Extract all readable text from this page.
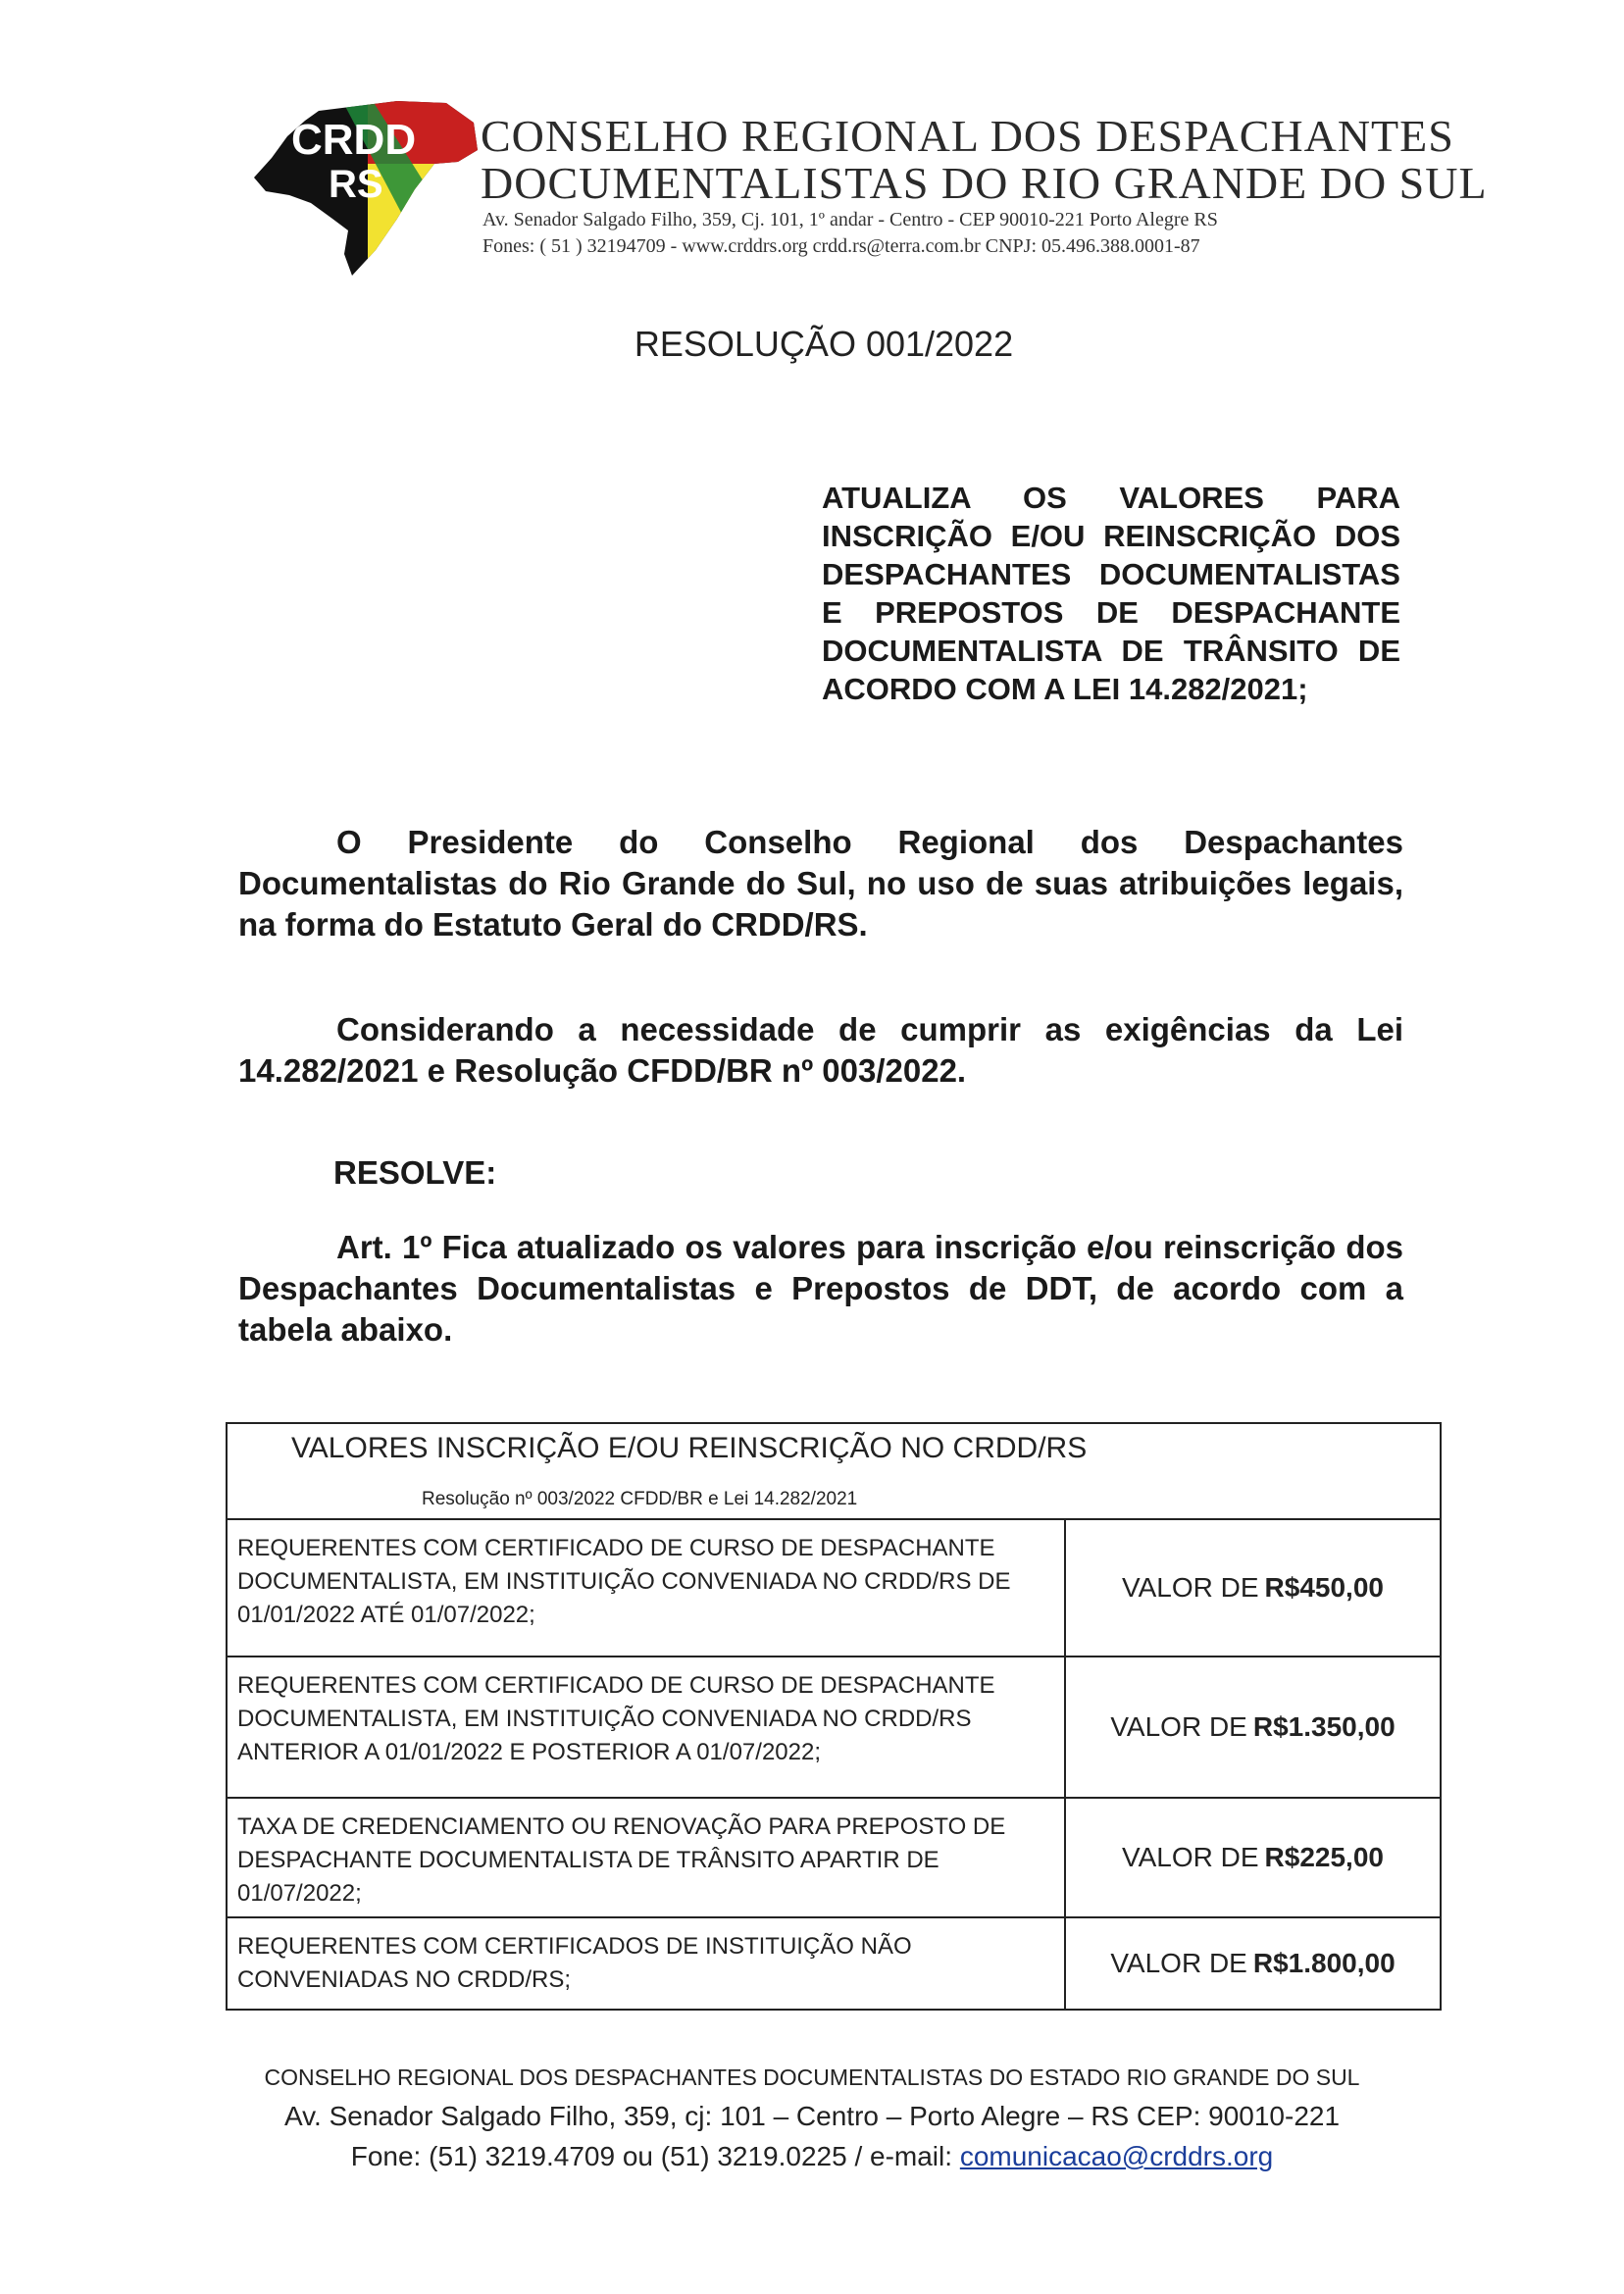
CRDD
RS
CONSELHO REGIONAL DOS DESPACHANTES
DOCUMENTALISTAS DO RIO GRANDE DO SUL
Av. Senador Salgado Filho, 359, Cj. 101, 1º andar - Centro - CEP 90010-221 Porto Alegre RS
Fones: ( 51 ) 32194709 - www.crddrs.org crdd.rs@terra.com.br CNPJ: 05.496.388.0001-87
RESOLUÇÃO 001/2022
ATUALIZA OS VALORES PARA INSCRIÇÃO E/OU REINSCRIÇÃO DOS DESPACHANTES DOCUMENTALISTAS E PREPOSTOS DE DESPACHANTE DOCUMENTALISTA DE TRÂNSITO DE ACORDO COM A LEI 14.282/2021;
O Presidente do Conselho Regional dos Despachantes Documentalistas do Rio Grande do Sul, no uso de suas atribuições legais, na forma do Estatuto Geral do CRDD/RS.
Considerando a necessidade de cumprir as exigências da Lei 14.282/2021 e Resolução CFDD/BR nº 003/2022.
RESOLVE:
Art. 1º Fica atualizado os valores para inscrição e/ou reinscrição dos Despachantes Documentalistas e Prepostos de DDT, de acordo com a tabela abaixo.
VALORES INSCRIÇÃO E/OU REINSCRIÇÃO NO CRDD/RS
Resolução nº 003/2022 CFDD/BR e Lei 14.282/2021
REQUERENTES COM CERTIFICADO DE CURSO DE DESPACHANTE DOCUMENTALISTA, EM INSTITUIÇÃO CONVENIADA NO CRDD/RS DE 01/01/2022 ATÉ 01/07/2022;
VALOR DE R$450,00
REQUERENTES COM CERTIFICADO DE CURSO DE DESPACHANTE DOCUMENTALISTA, EM INSTITUIÇÃO CONVENIADA NO CRDD/RS ANTERIOR A 01/01/2022 E POSTERIOR A 01/07/2022;
VALOR DE R$1.350,00
TAXA DE CREDENCIAMENTO OU RENOVAÇÃO PARA PREPOSTO DE DESPACHANTE DOCUMENTALISTA DE TRÂNSITO APARTIR DE 01/07/2022;
VALOR DE R$225,00
REQUERENTES COM CERTIFICADOS DE INSTITUIÇÃO NÃO CONVENIADAS NO CRDD/RS;
VALOR DE R$1.800,00
CONSELHO REGIONAL DOS DESPACHANTES DOCUMENTALISTAS DO ESTADO RIO GRANDE DO SUL
Av. Senador Salgado Filho, 359, cj: 101 – Centro – Porto Alegre – RS CEP: 90010-221
Fone: (51) 3219.4709 ou (51) 3219.0225 / e-mail: comunicacao@crddrs.org
